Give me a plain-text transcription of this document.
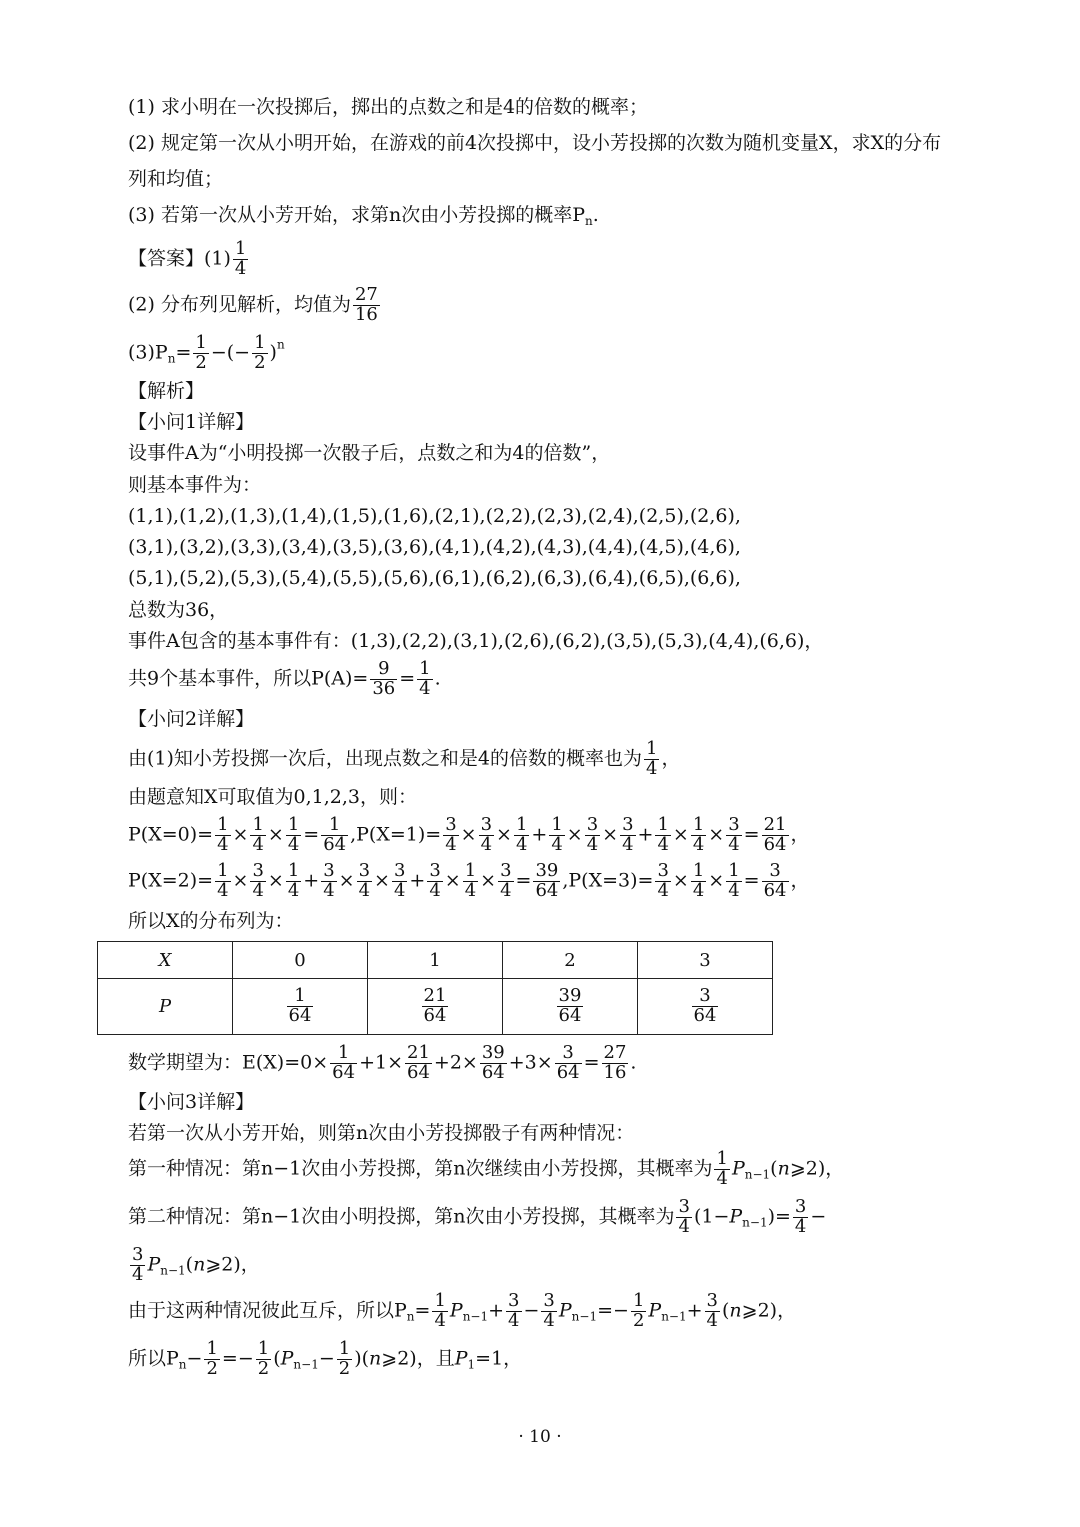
(1) 求小明在一次投掷后，掷出的点数之和是4的倍数的概率；
(2) 规定第一次从小明开始，在游戏的前4次投掷中，设小芳投掷的次数为随机变量X，求X的分布
列和均值；
(3) 若第一次从小芳开始，求第n次由小芳投掷的概率$P_n$.
【答案】$(1) \frac{1}{4}$
(2) 分布列见解析，均值为 $\frac{27}{16}$
$(3)P_n= \frac{1}{2}$ −(− $\frac{1}{2} )^n$
【解析】
【小问1详解】
设事件A为“小明投掷一次骰子后，点数之和为4的倍数”，
则基本事件为：
(1,1),(1,2),(1,3),(1,4),(1,5),(1,6),(2,1),(2,2),(2,3),(2,4),(2,5),(2,6),
(3,1),(3,2),(3,3),(3,4),(3,5),(3,6),(4,1),(4,2),(4,3),(4,4),(4,5),(4,6),
(5,1),(5,2),(5,3),(5,4),(5,5),(5,6),(6,1),(6,2),(6,3),(6,4),(6,5),(6,6),
总数为36，
事件A包含的基本事件有：(1,3),(2,2),(3,1),(2,6),(6,2),(3,5),(5,3),(4,4),(6,6)，
共9个基本事件，所以$P(A)= \frac{9}{36} = \frac{1}{4}$ .
【小问2详解】
由(1)知小芳投掷一次后，出现点数之和是4的倍数的概率也为 $\frac{1}{4}$ ，
由题意知X可取值为0,1,2,3，则：
$P(X=0)= \frac{1}{4} \times \frac{1}{4} \times \frac{1}{4} = \frac{1}{64} ,P(X=1)= \frac{3}{4} \times \frac{3}{4} \times \frac{1}{4} + \frac{1}{4} \times \frac{3}{4} \times \frac{3}{4} + \frac{1}{4} \times \frac{1}{4} \times \frac{3}{4} = \frac{21}{64}$ ，
$P(X=2)= \frac{1}{4} \times \frac{3}{4} \times \frac{1}{4} + \frac{3}{4} \times \frac{3}{4} \times \frac{3}{4} + \frac{3}{4} \times \frac{1}{4} \times \frac{3}{4} = \frac{39}{64} ,P(X=3)= \frac{3}{4} \times \frac{1}{4} \times \frac{1}{4} = \frac{3}{64}$ ，
所以X的分布列为：
X	0	1	2	3
P	$\frac{1}{64}$	$\frac{21}{64}$	$\frac{39}{64}$	$\frac{3}{64}$
数学期望为：$E(X)=0\times \frac{1}{64} +1\times \frac{21}{64} +2\times \frac{39}{64} +3\times \frac{3}{64} = \frac{27}{16}$ .
【小问3详解】
若第一次从小芳开始，则第n次由小芳投掷骰子有两种情况：
第一种情况：第n−1次由小芳投掷，第n次继续由小芳投掷，其概率为 $\frac{1}{4}$ $P_{n-1}(n⩾2)$，
第二种情况：第n−1次由小明投掷，第n次由小芳投掷，其概率为 $\frac{3}{4} (1-P_{n-1})= \frac{3}{4}$ −
$\frac{3}{4}$ $P_{n-1}(n⩾2)$，
由于这两种情况彼此互斥，所以$P_n= \frac{1}{4} P_{n-1}+ \frac{3}{4} - \frac{3}{4} P_{n-1}=- \frac{1}{2} P_{n-1}+ \frac{3}{4}$ (n⩾2)，
所以$P_n- \frac{1}{2} =- \frac{1}{2} (P_{n-1}- \frac{1}{2}$ )(n⩾2)，且$P_1=1$，
· 10 ·
